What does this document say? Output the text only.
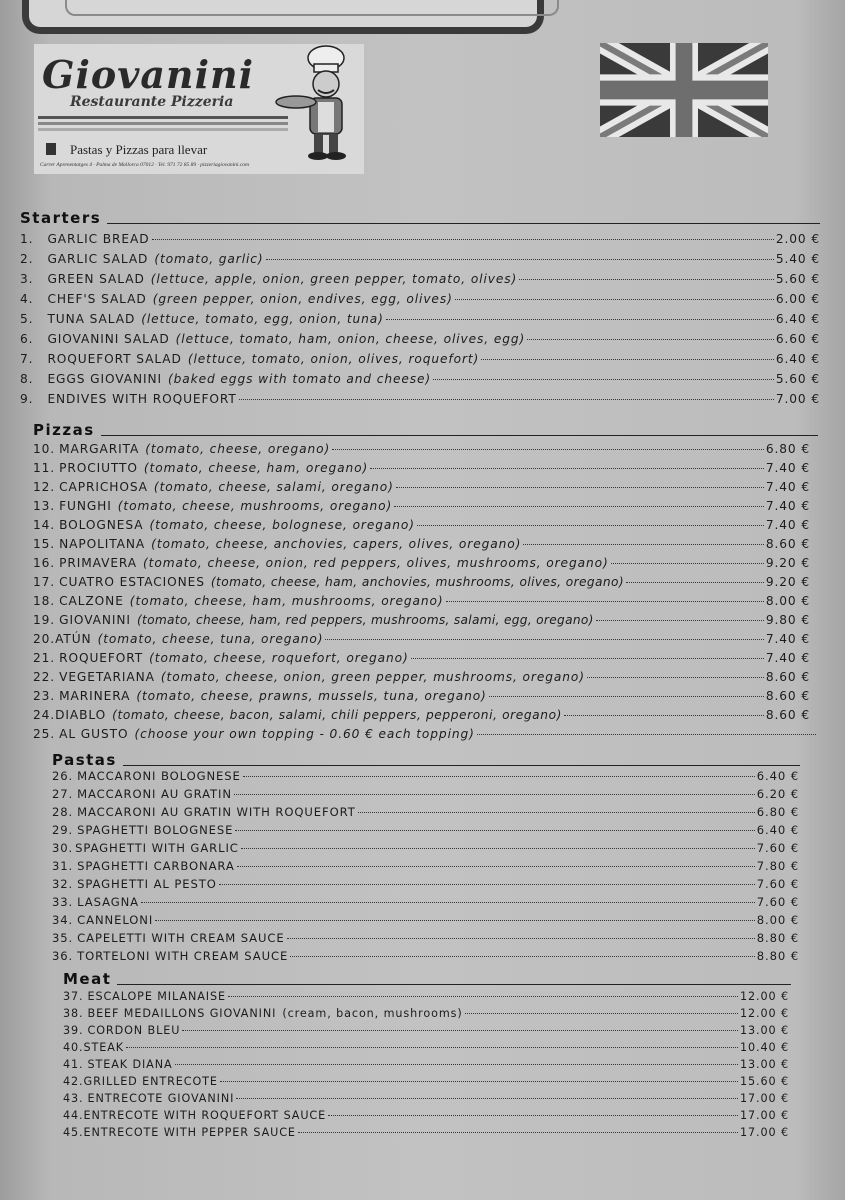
Giovanini
Restaurante Pizzeria
Pastas y Pizzas para llevar
Carrer Aprenentatges 4 · Palma de Mallorca 07012 · Tel. 971 72 85 89 · pizzeriagiovanini.com
Starters
1. GARLIC BREAD	2.00 €
2. GARLIC SALAD (tomato, garlic)	5.40 €
3. GREEN SALAD (lettuce, apple, onion, green pepper, tomato, olives)	5.60 €
4. CHEF'S SALAD (green pepper, onion, endives, egg, olives)	6.00 €
5. TUNA SALAD (lettuce, tomato, egg, onion, tuna)	6.40 €
6. GIOVANINI SALAD (lettuce, tomato, ham, onion, cheese, olives, egg)	6.60 €
7. ROQUEFORT SALAD (lettuce, tomato, onion, olives, roquefort)	6.40 €
8. EGGS GIOVANINI (baked eggs with tomato and cheese)	5.60 €
9. ENDIVES WITH ROQUEFORT	7.00 €
Pizzas
10. MARGARITA (tomato, cheese, oregano)	6.80 €
11. PROCIUTTO (tomato, cheese, ham, oregano)	7.40 €
12. CAPRICHOSA (tomato, cheese, salami, oregano)	7.40 €
13. FUNGHI (tomato, cheese, mushrooms, oregano)	7.40 €
14. BOLOGNESA (tomato, cheese, bolognese, oregano)	7.40 €
15. NAPOLITANA (tomato, cheese, anchovies, capers, olives, oregano)	8.60 €
16. PRIMAVERA (tomato, cheese, onion, red peppers, olives, mushrooms, oregano)	9.20 €
17. CUATRO ESTACIONES (tomato, cheese, ham, anchovies, mushrooms, olives, oregano)	9.20 €
18. CALZONE (tomato, cheese, ham, mushrooms, oregano)	8.00 €
19. GIOVANINI (tomato, cheese, ham, red peppers, mushrooms, salami, egg, oregano)	9.80 €
20. ATÚN (tomato, cheese, tuna, oregano)	7.40 €
21. ROQUEFORT (tomato, cheese, roquefort, oregano)	7.40 €
22. VEGETARIANA (tomato, cheese, onion, green pepper, mushrooms, oregano)	8.60 €
23. MARINERA (tomato, cheese, prawns, mussels, tuna, oregano)	8.60 €
24. DIABLO (tomato, cheese, bacon, salami, chili peppers, pepperoni, oregano)	8.60 €
25. AL GUSTO (choose your own topping - 0.60 € each topping)
Pastas
26. MACCARONI BOLOGNESE	6.40 €
27. MACCARONI AU GRATIN	6.20 €
28. MACCARONI AU GRATIN WITH ROQUEFORT	6.80 €
29. SPAGHETTI BOLOGNESE	6.40 €
30. SPAGHETTI WITH GARLIC	7.60 €
31. SPAGHETTI CARBONARA	7.80 €
32. SPAGHETTI AL PESTO	7.60 €
33. LASAGNA	7.60 €
34. CANNELONI	8.00 €
35. CAPELETTI WITH CREAM SAUCE	8.80 €
36. TORTELONI WITH CREAM SAUCE	8.80 €
Meat
37. ESCALOPE MILANAISE	12.00 €
38. BEEF MEDAILLONS GIOVANINI (cream, bacon, mushrooms)	12.00 €
39. CORDON BLEU	13.00 €
40. STEAK	10.40 €
41. STEAK DIANA	13.00 €
42. GRILLED ENTRECOTE	15.60 €
43. ENTRECOTE GIOVANINI	17.00 €
44. ENTRECOTE WITH ROQUEFORT SAUCE	17.00 €
45. ENTRECOTE WITH PEPPER SAUCE	17.00 €
